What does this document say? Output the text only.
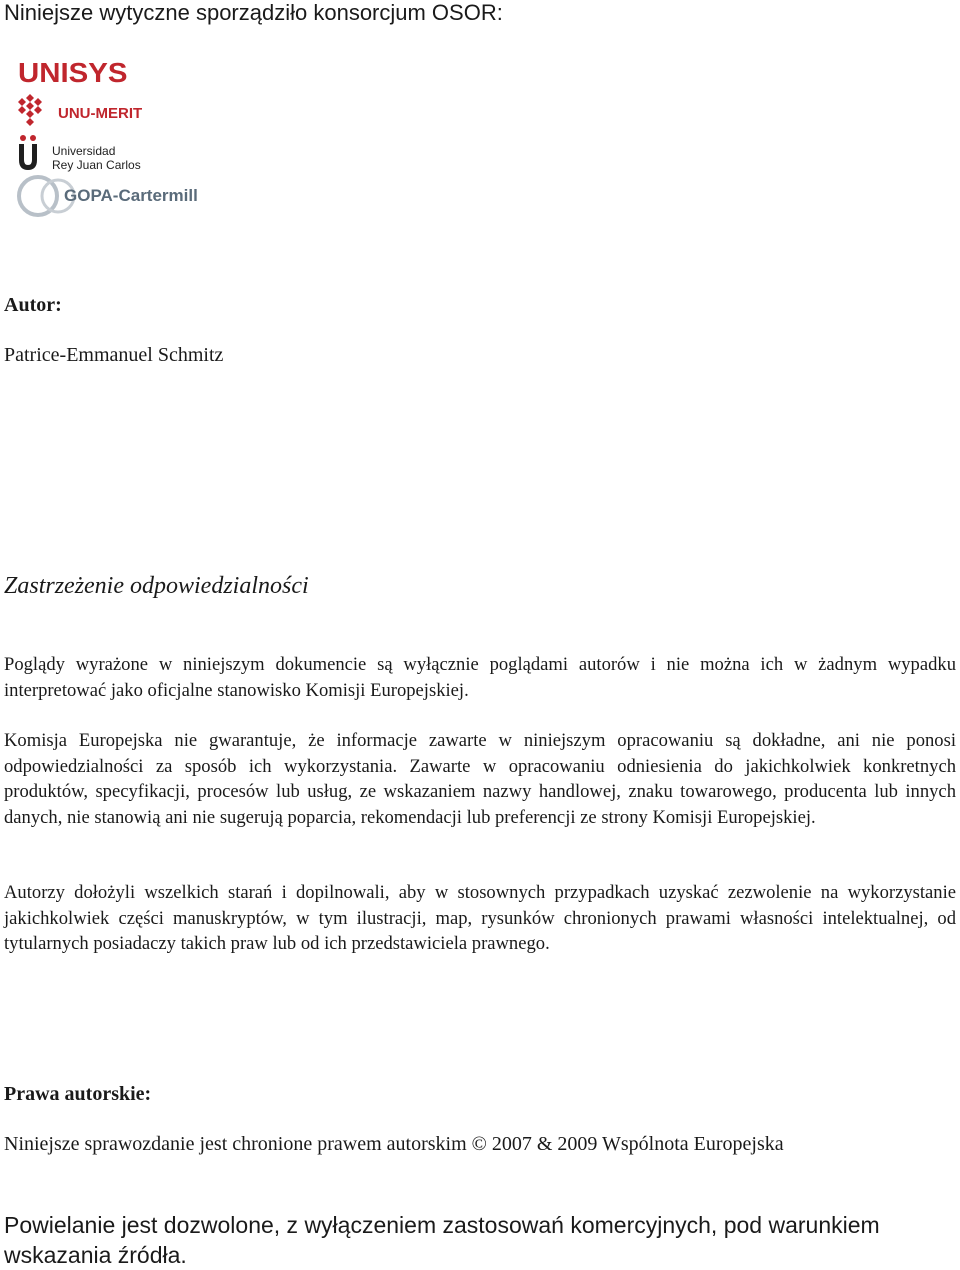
Niniejsze wytyczne sporządziło konsorcjum OSOR:
UNISYS
UNU-MERIT
Universidad
Rey Juan Carlos
GOPA-Cartermill
Autor:
Patrice-Emmanuel Schmitz
Zastrzeżenie odpowiedzialności

Poglądy wyrażone w niniejszym dokumencie są wyłącznie poglądami autorów i nie można ich w żadnym wypadku interpretować jako oficjalne stanowisko Komisji Europejskiej.

Komisja Europejska nie gwarantuje, że informacje zawarte w niniejszym opracowaniu są dokładne, ani nie ponosi odpowiedzialności za sposób ich wykorzystania. Zawarte w opracowaniu odniesienia do jakichkolwiek konkretnych produktów, specyfikacji, procesów lub usług, ze wskazaniem nazwy handlowej, znaku towarowego, producenta lub innych danych, nie stanowią ani nie sugerują poparcia, rekomendacji lub preferencji ze strony Komisji Europejskiej.

Autorzy dołożyli wszelkich starań i dopilnowali, aby w stosownych przypadkach uzyskać zezwolenie na wykorzystanie jakichkolwiek części manuskryptów, w tym ilustracji, map, rysunków chronionych prawami własności intelektualnej, od tytularnych posiadaczy takich praw lub od ich przedstawiciela prawnego.

Prawa autorskie:
Niniejsze sprawozdanie jest chronione prawem autorskim © 2007 & 2009 Wspólnota Europejska
Powielanie jest dozwolone, z wyłączeniem zastosowań komercyjnych, pod warunkiem wskazania źródła.
